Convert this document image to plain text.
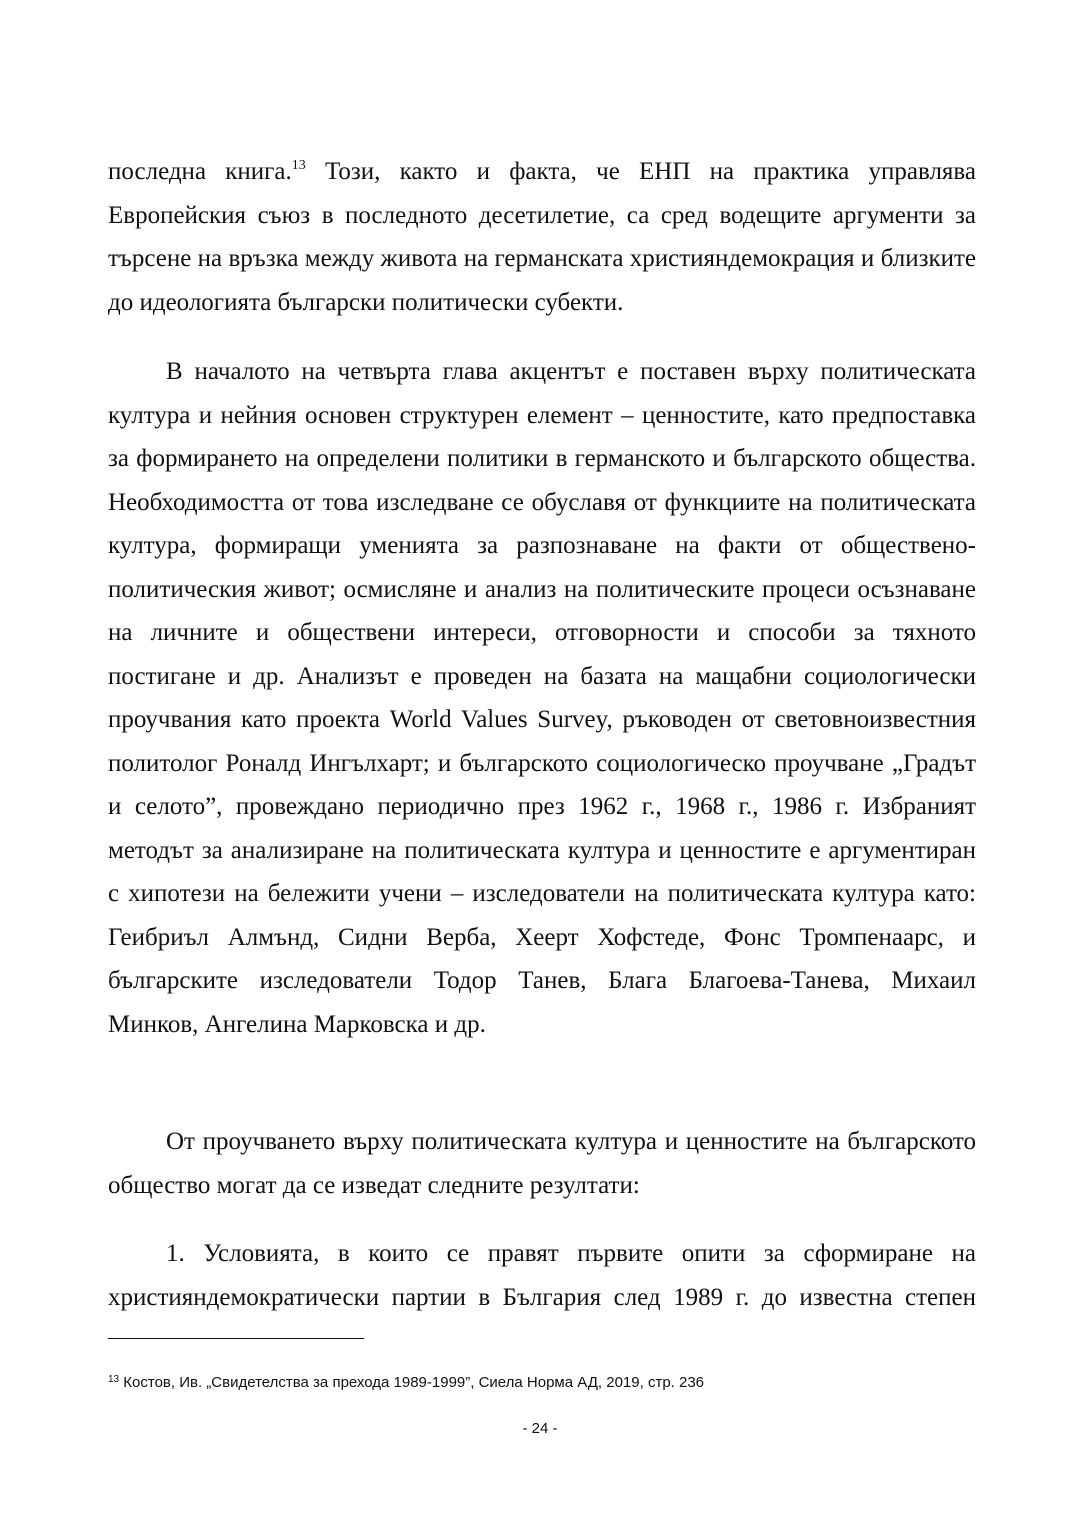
последна книга.$^{13}$ Този, както и факта, че ЕНП на практика управлява Европейския съюз в последното десетилетие, са сред водещите аргументи за търсене на връзка между живота на германската християндемокрация и близките до идеологията български политически субекти.

В началото на четвърта глава акцентът е поставен върху политическата култура и нейния основен структурен елемент – ценностите, като предпоставка за формирането на определени политики в германското и българското общества. Необходимостта от това изследване се обуславя от функциите на политическата култура, формиращи уменията за разпознаване на факти от обществено-политическия живот; осмисляне и анализ на политическите процеси осъзнаване на личните и обществени интереси, отговорности и способи за тяхното постигане и др. Анализът е проведен на базата на мащабни социологически проучвания като проекта World Values Survey, ръководен от световноизвестния политолог Роналд Ингълхарт; и българското социологическо проучване „Градът и селото”, провеждано периодично през 1962 г., 1968 г., 1986 г. Избраният методът за анализиране на политическата култура и ценностите е аргументиран с хипотези на бележити учени – изследователи на политическата култура като: Геибриъл Алмънд, Сидни Верба, Хеерт Хофстеде, Фонс Тромпенаарс, и българските изследователи Тодор Танев, Блага Благоева-Танева, Михаил Минков, Ангелина Марковска и др.

От проучването върху политическата култура и ценностите на българското общество могат да се изведат следните резултати:

1. Условията, в които се правят първите опити за сформиране на християндемократически партии в България след 1989 г. до известна степен

$^{13}$ Костов, Ив. „Свидетелства за прехода 1989-1999”, Сиела Норма АД, 2019, стр. 236
- 24 -
